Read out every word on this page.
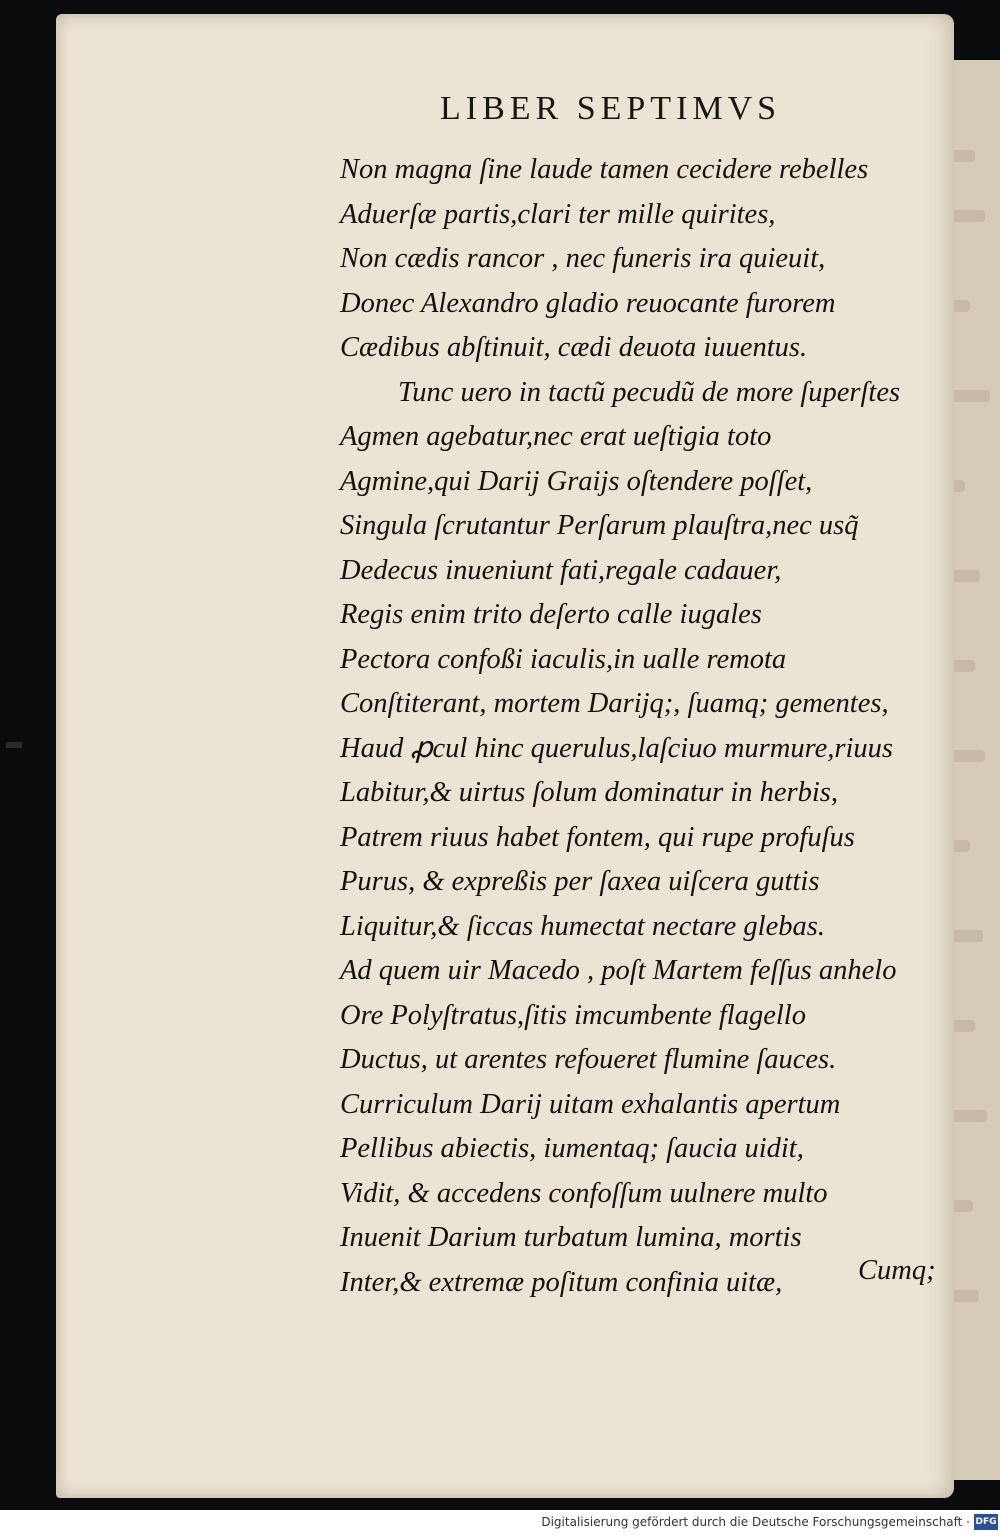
LIBER SEPTIMVS
Non magna ſine laude tamen cecidere rebelles
Aduerſæ partis,clari ter mille quirites,
Non cædis rancor , nec funeris ira quieuit,
Donec Alexandro gladio reuocante furorem
Cædibus abſtinuit, cædi deuota iuuentus.
Tunc uero in tactũ pecudũ de more ſuperſtes
Agmen agebatur,nec erat ueſtigia toto
Agmine,qui Darij Graijs oſtendere poſſet,
Singula ſcrutantur Perſarum plauſtra,nec usq̃
Dedecus inueniunt fati,regale cadauer,
Regis enim trito deſerto calle iugales
Pectora confoßi iaculis,in ualle remota
Conſtiterant, mortem Darijq;, ſuamq; gementes,
Haud ꝓcul hinc querulus,laſciuo murmure,riuus
Labitur,& uirtus ſolum dominatur in herbis,
Patrem riuus habet fontem, qui rupe profuſus
Purus, & expreßis per ſaxea uiſcera guttis
Liquitur,& ſiccas humectat nectare glebas.
Ad quem uir Macedo , poſt Martem feſſus anhelo
Ore Polyſtratus,ſitis imcumbente flagello
Ductus, ut arentes refoueret flumine ſauces.
Curriculum Darij uitam exhalantis apertum
Pellibus abiectis, iumentaq; ſaucia uidit,
Vidit, & accedens confoſſum uulnere multo
Inuenit Darium turbatum lumina, mortis
Inter,& extremæ poſitum confinia uitæ,	Cumq;
Digitalisierung gefördert durch die Deutsche Forschungsgemeinschaft · DFG
